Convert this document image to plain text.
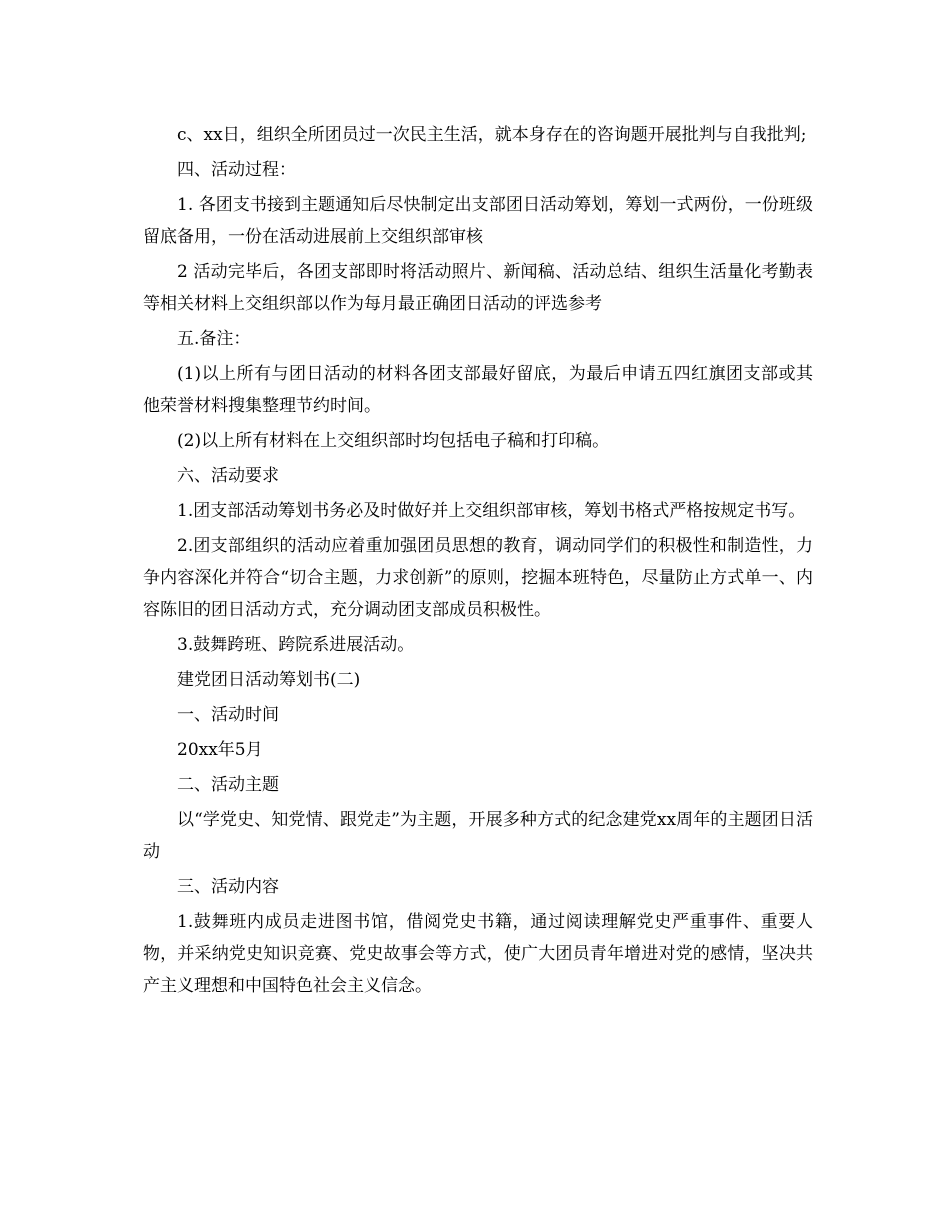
c、xx日，组织全所团员过一次民主生活，就本身存在的咨询题开展批判与自我批判;

四、活动过程：

1. 各团支书接到主题通知后尽快制定出支部团日活动筹划，筹划一式两份，一份班级留底备用，一份在活动进展前上交组织部审核

2 活动完毕后，各团支部即时将活动照片、新闻稿、活动总结、组织生活量化考勤表等相关材料上交组织部以作为每月最正确团日活动的评选参考

五.备注：

(1)以上所有与团日活动的材料各团支部最好留底，为最后申请五四红旗团支部或其他荣誉材料搜集整理节约时间。

(2)以上所有材料在上交组织部时均包括电子稿和打印稿。

六、活动要求

1.团支部活动筹划书务必及时做好并上交组织部审核，筹划书格式严格按规定书写。

2.团支部组织的活动应着重加强团员思想的教育，调动同学们的积极性和制造性，力争内容深化并符合“切合主题，力求创新”的原则，挖掘本班特色，尽量防止方式单一、内容陈旧的团日活动方式，充分调动团支部成员积极性。

3.鼓舞跨班、跨院系进展活动。

建党团日活动筹划书(二)

一、活动时间

20xx年5月

二、活动主题

以“学党史、知党情、跟党走”为主题，开展多种方式的纪念建党xx周年的主题团日活动

三、活动内容

1.鼓舞班内成员走进图书馆，借阅党史书籍，通过阅读理解党史严重事件、重要人物，并采纳党史知识竞赛、党史故事会等方式，使广大团员青年增进对党的感情，坚决共产主义理想和中国特色社会主义信念。
